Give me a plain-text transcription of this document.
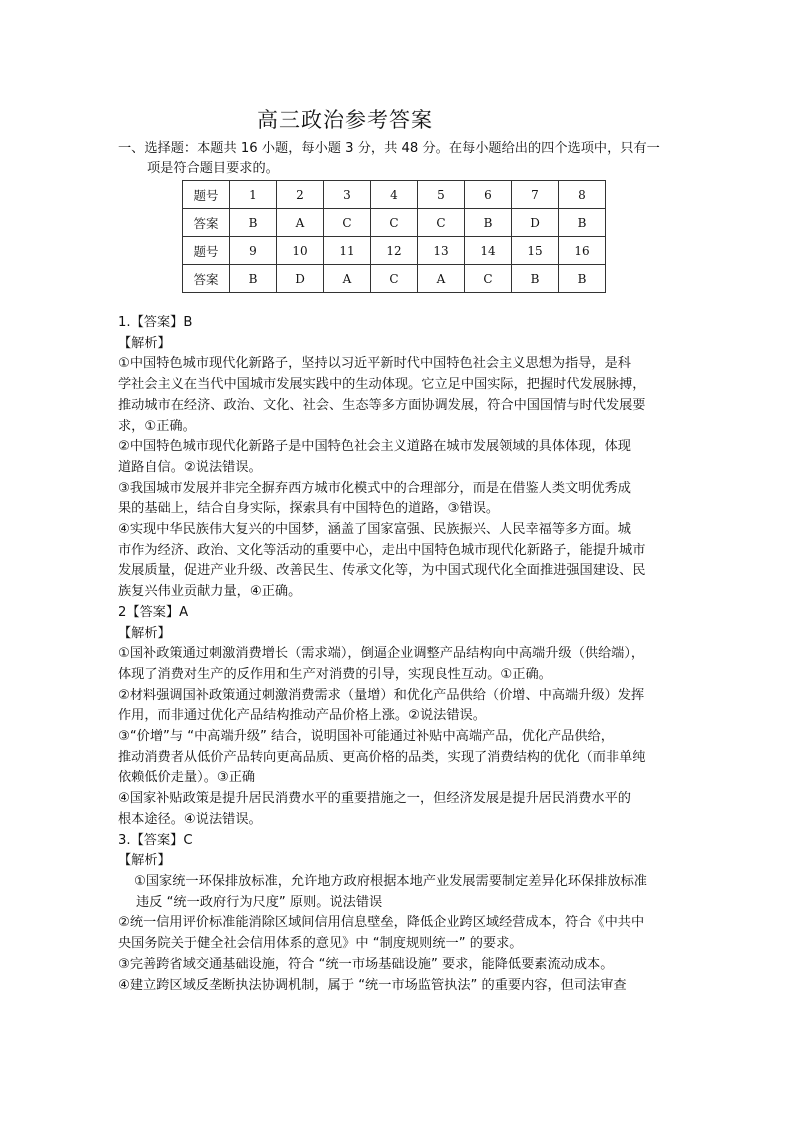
高三政治参考答案
一、选择题：本题共 16 小题，每小题 3 分，共 48 分。在每小题给出的四个选项中，只有一
项是符合题目要求的。
题号	1	2	3	4	5	6	7	8
答案	B	A	C	C	C	B	D	B
题号	9	10	11	12	13	14	15	16
答案	B	D	A	C	A	C	B	B

1.【答案】B

【解析】

①中国特色城市现代化新路子，坚持以习近平新时代中国特色社会主义思想为指导，是科

学社会主义在当代中国城市发展实践中的生动体现。它立足中国实际，把握时代发展脉搏，

推动城市在经济、政治、文化、社会、生态等多方面协调发展，符合中国国情与时代发展要

求，①正确。

②中国特色城市现代化新路子是中国特色社会主义道路在城市发展领域的具体体现，体现

道路自信。②说法错误。

③我国城市发展并非完全摒弃西方城市化模式中的合理部分，而是在借鉴人类文明优秀成

果的基础上，结合自身实际，探索具有中国特色的道路，③错误。

④实现中华民族伟大复兴的中国梦，涵盖了国家富强、民族振兴、人民幸福等多方面。城

市作为经济、政治、文化等活动的重要中心，走出中国特色城市现代化新路子，能提升城市

发展质量，促进产业升级、改善民生、传承文化等，为中国式现代化全面推进强国建设、民

族复兴伟业贡献力量，④正确。

2【答案】A

【解析】

①国补政策通过刺激消费增长（需求端），倒逼企业调整产品结构向中高端升级（供给端），

体现了消费对生产的反作用和生产对消费的引导，实现良性互动。①正确。

②材料强调国补政策通过刺激消费需求（量增）和优化产品供给（价增、中高端升级）发挥

作用，而非通过优化产品结构推动产品价格上涨。②说法错误。

③“价增”与 “中高端升级” 结合，说明国补可能通过补贴中高端产品，优化产品供给，

推动消费者从低价产品转向更高品质、更高价格的品类，实现了消费结构的优化（而非单纯

依赖低价走量）。③正确

④国家补贴政策是提升居民消费水平的重要措施之一，但经济发展是提升居民消费水平的

根本途径。④说法错误。

3.【答案】C

【解析】

①国家统一环保排放标准，允许地方政府根据本地产业发展需要制定差异化环保排放标准

违反 “统一政府行为尺度” 原则。说法错误

②统一信用评价标准能消除区域间信用信息壁垒，降低企业跨区域经营成本，符合《中共中

央国务院关于健全社会信用体系的意见》中 “制度规则统一” 的要求。

③完善跨省域交通基础设施，符合 “统一市场基础设施” 要求，能降低要素流动成本。

④建立跨区域反垄断执法协调机制，属于 “统一市场监管执法” 的重要内容，但司法审查
